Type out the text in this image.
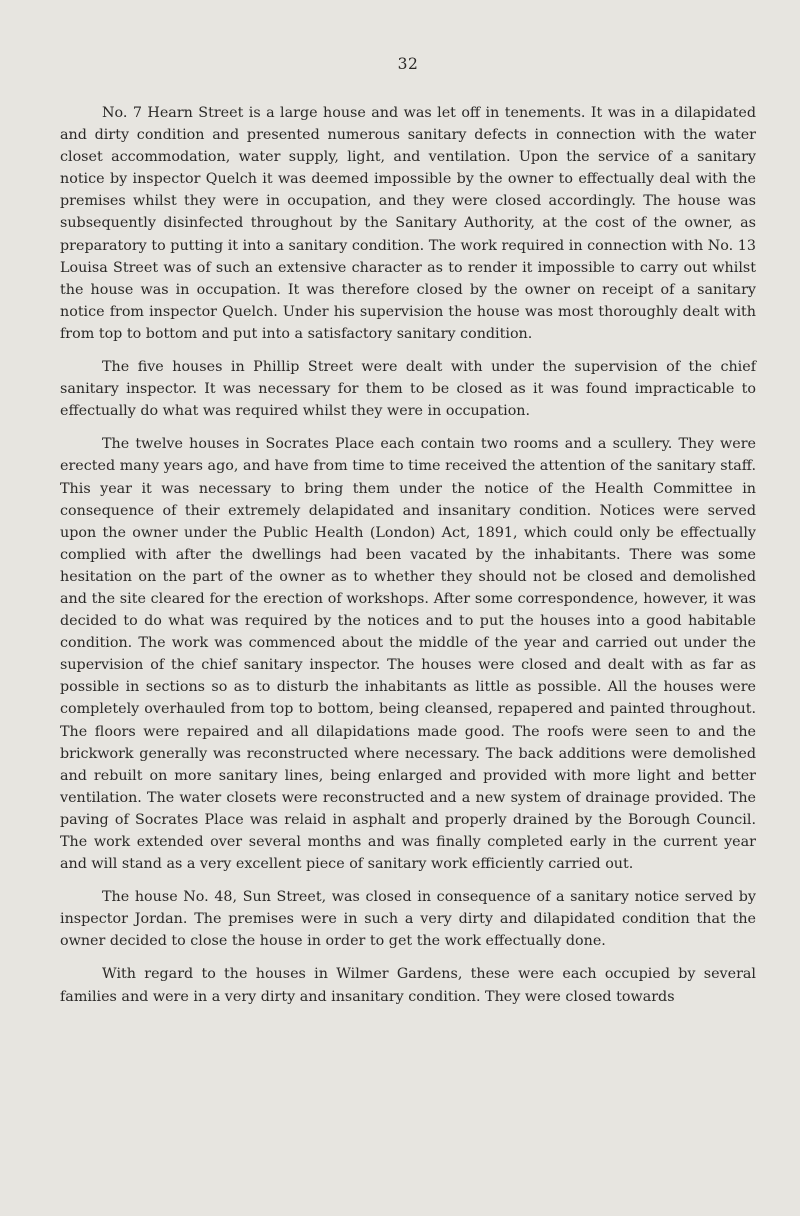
32

No. 7 Hearn Street is a large house and was let off in tenements. It was in a dilapidated and dirty condition and presented numerous sanitary defects in connection with the water closet accommodation, water supply, light, and ventilation. Upon the service of a sanitary notice by inspector Quelch it was deemed impossible by the owner to effectually deal with the premises whilst they were in occupation, and they were closed accordingly. The house was subsequently disinfected throughout by the Sanitary Authority, at the cost of the owner, as preparatory to putting it into a sanitary condition. The work required in connection with No. 13 Louisa Street was of such an extensive character as to render it impossible to carry out whilst the house was in occupation. It was therefore closed by the owner on receipt of a sanitary notice from inspector Quelch. Under his supervision the house was most thoroughly dealt with from top to bottom and put into a satisfactory sanitary condition.

The five houses in Phillip Street were dealt with under the supervision of the chief sanitary inspector. It was necessary for them to be closed as it was found impracticable to effectually do what was required whilst they were in occupation.

The twelve houses in Socrates Place each contain two rooms and a scullery. They were erected many years ago, and have from time to time received the attention of the sanitary staff. This year it was necessary to bring them under the notice of the Health Committee in consequence of their extremely delapidated and insanitary condition. Notices were served upon the owner under the Public Health (London) Act, 1891, which could only be effectually complied with after the dwellings had been vacated by the inhabitants. There was some hesitation on the part of the owner as to whether they should not be closed and demolished and the site cleared for the erection of workshops. After some correspondence, however, it was decided to do what was required by the notices and to put the houses into a good habitable condition. The work was commenced about the middle of the year and carried out under the supervision of the chief sanitary inspector. The houses were closed and dealt with as far as possible in sections so as to disturb the inhabitants as little as possible. All the houses were completely overhauled from top to bottom, being cleansed, repapered and painted throughout. The floors were repaired and all dilapidations made good. The roofs were seen to and the brickwork generally was reconstructed where necessary. The back additions were demolished and rebuilt on more sanitary lines, being enlarged and provided with more light and better ventilation. The water closets were reconstructed and a new system of drainage provided. The paving of Socrates Place was relaid in asphalt and properly drained by the Borough Council. The work extended over several months and was finally completed early in the current year and will stand as a very excellent piece of sanitary work efficiently carried out.

The house No. 48, Sun Street, was closed in consequence of a sanitary notice served by inspector Jordan. The premises were in such a very dirty and dilapidated condition that the owner decided to close the house in order to get the work effectually done.

With regard to the houses in Wilmer Gardens, these were each occupied by several families and were in a very dirty and insanitary condition. They were closed towards
